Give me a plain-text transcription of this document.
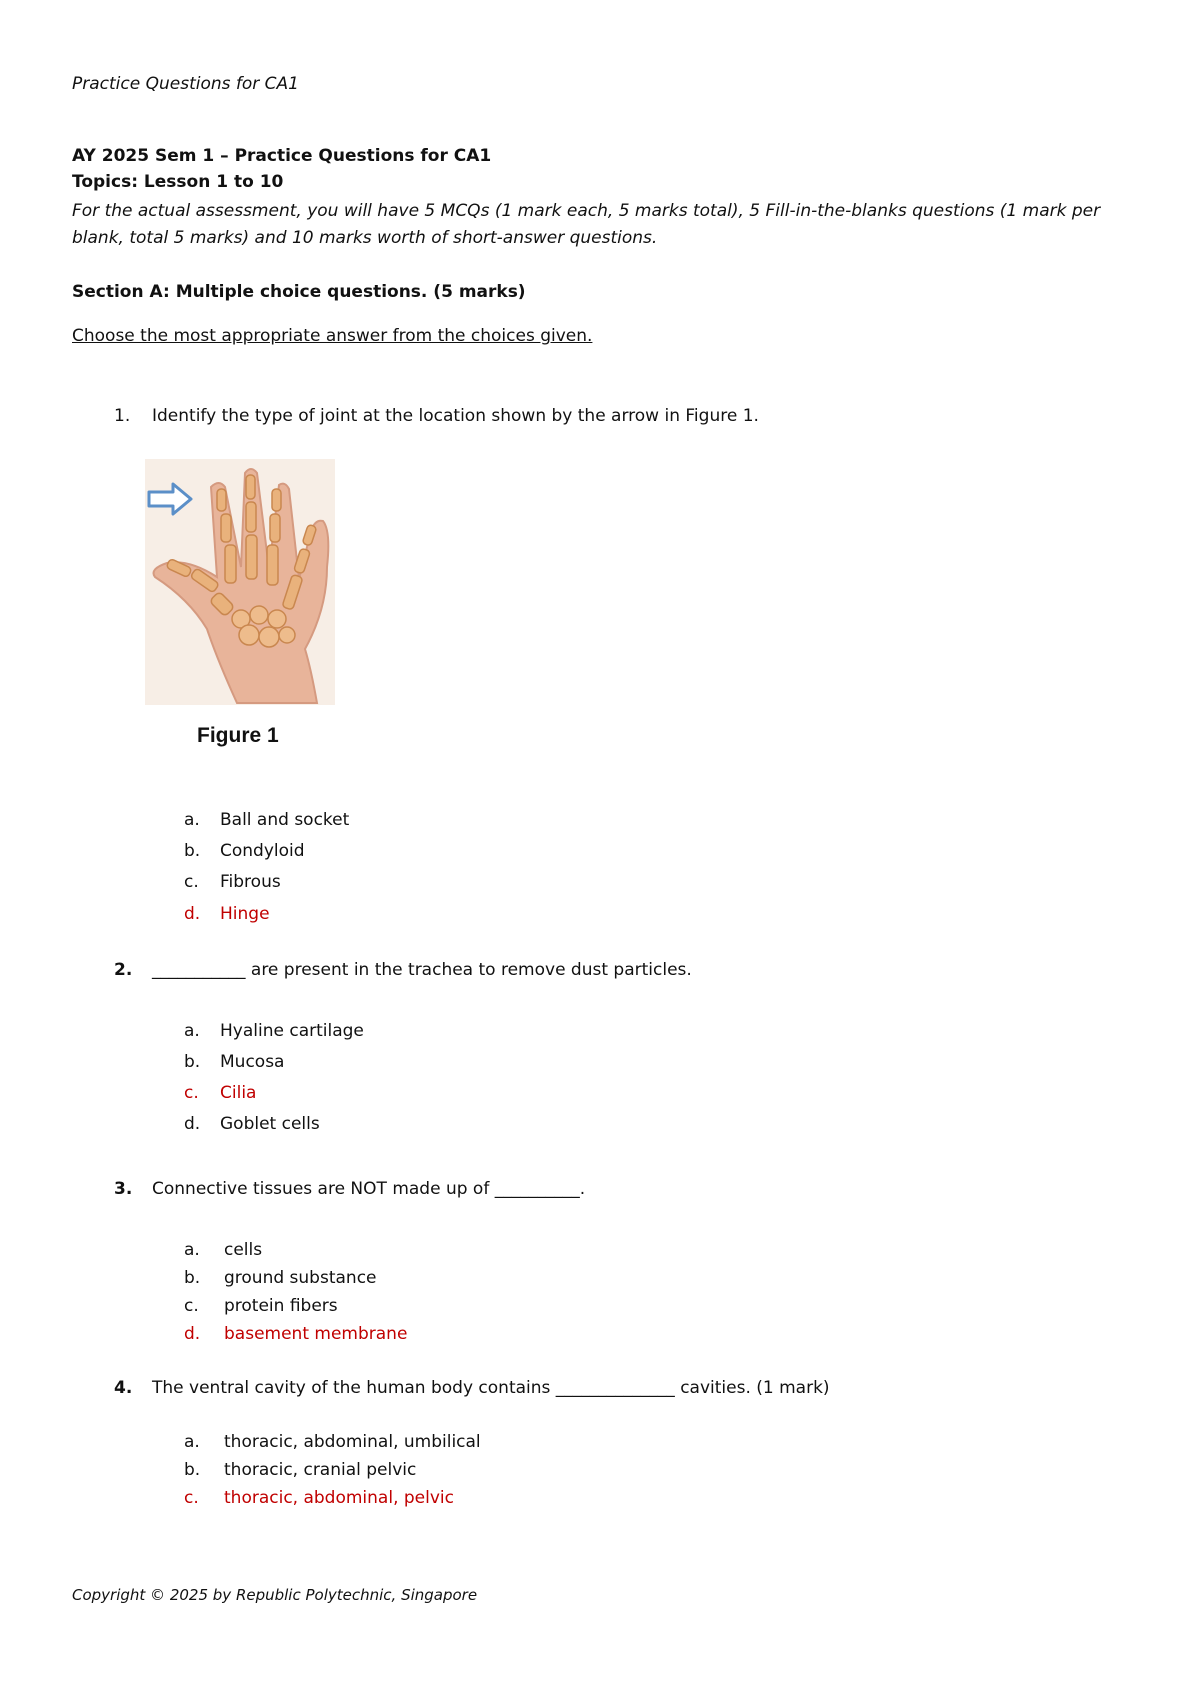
Practice Questions for CA1
AY 2025 Sem 1 – Practice Questions for CA1
Topics: Lesson 1 to 10
For the actual assessment, you will have 5 MCQs (1 mark each, 5 marks total), 5 Fill-in-the-blanks questions (1 mark per blank, total 5 marks) and 10 marks worth of short-answer questions.
Section A: Multiple choice questions. (5 marks)
Choose the most appropriate answer from the choices given.
1. Identify the type of joint at the location shown by the arrow in Figure 1.
Figure 1
a. Ball and socket
b. Condyloid
c. Fibrous
d. Hinge
2. ___________ are present in the trachea to remove dust particles.
a. Hyaline cartilage
b. Mucosa
c. Cilia
d. Goblet cells
3. Connective tissues are NOT made up of __________.
a. cells
b. ground substance
c. protein fibers
d. basement membrane
4. The ventral cavity of the human body contains ______________ cavities. (1 mark)
a. thoracic, abdominal, umbilical
b. thoracic, cranial pelvic
c. thoracic, abdominal, pelvic
Copyright © 2025 by Republic Polytechnic, Singapore
